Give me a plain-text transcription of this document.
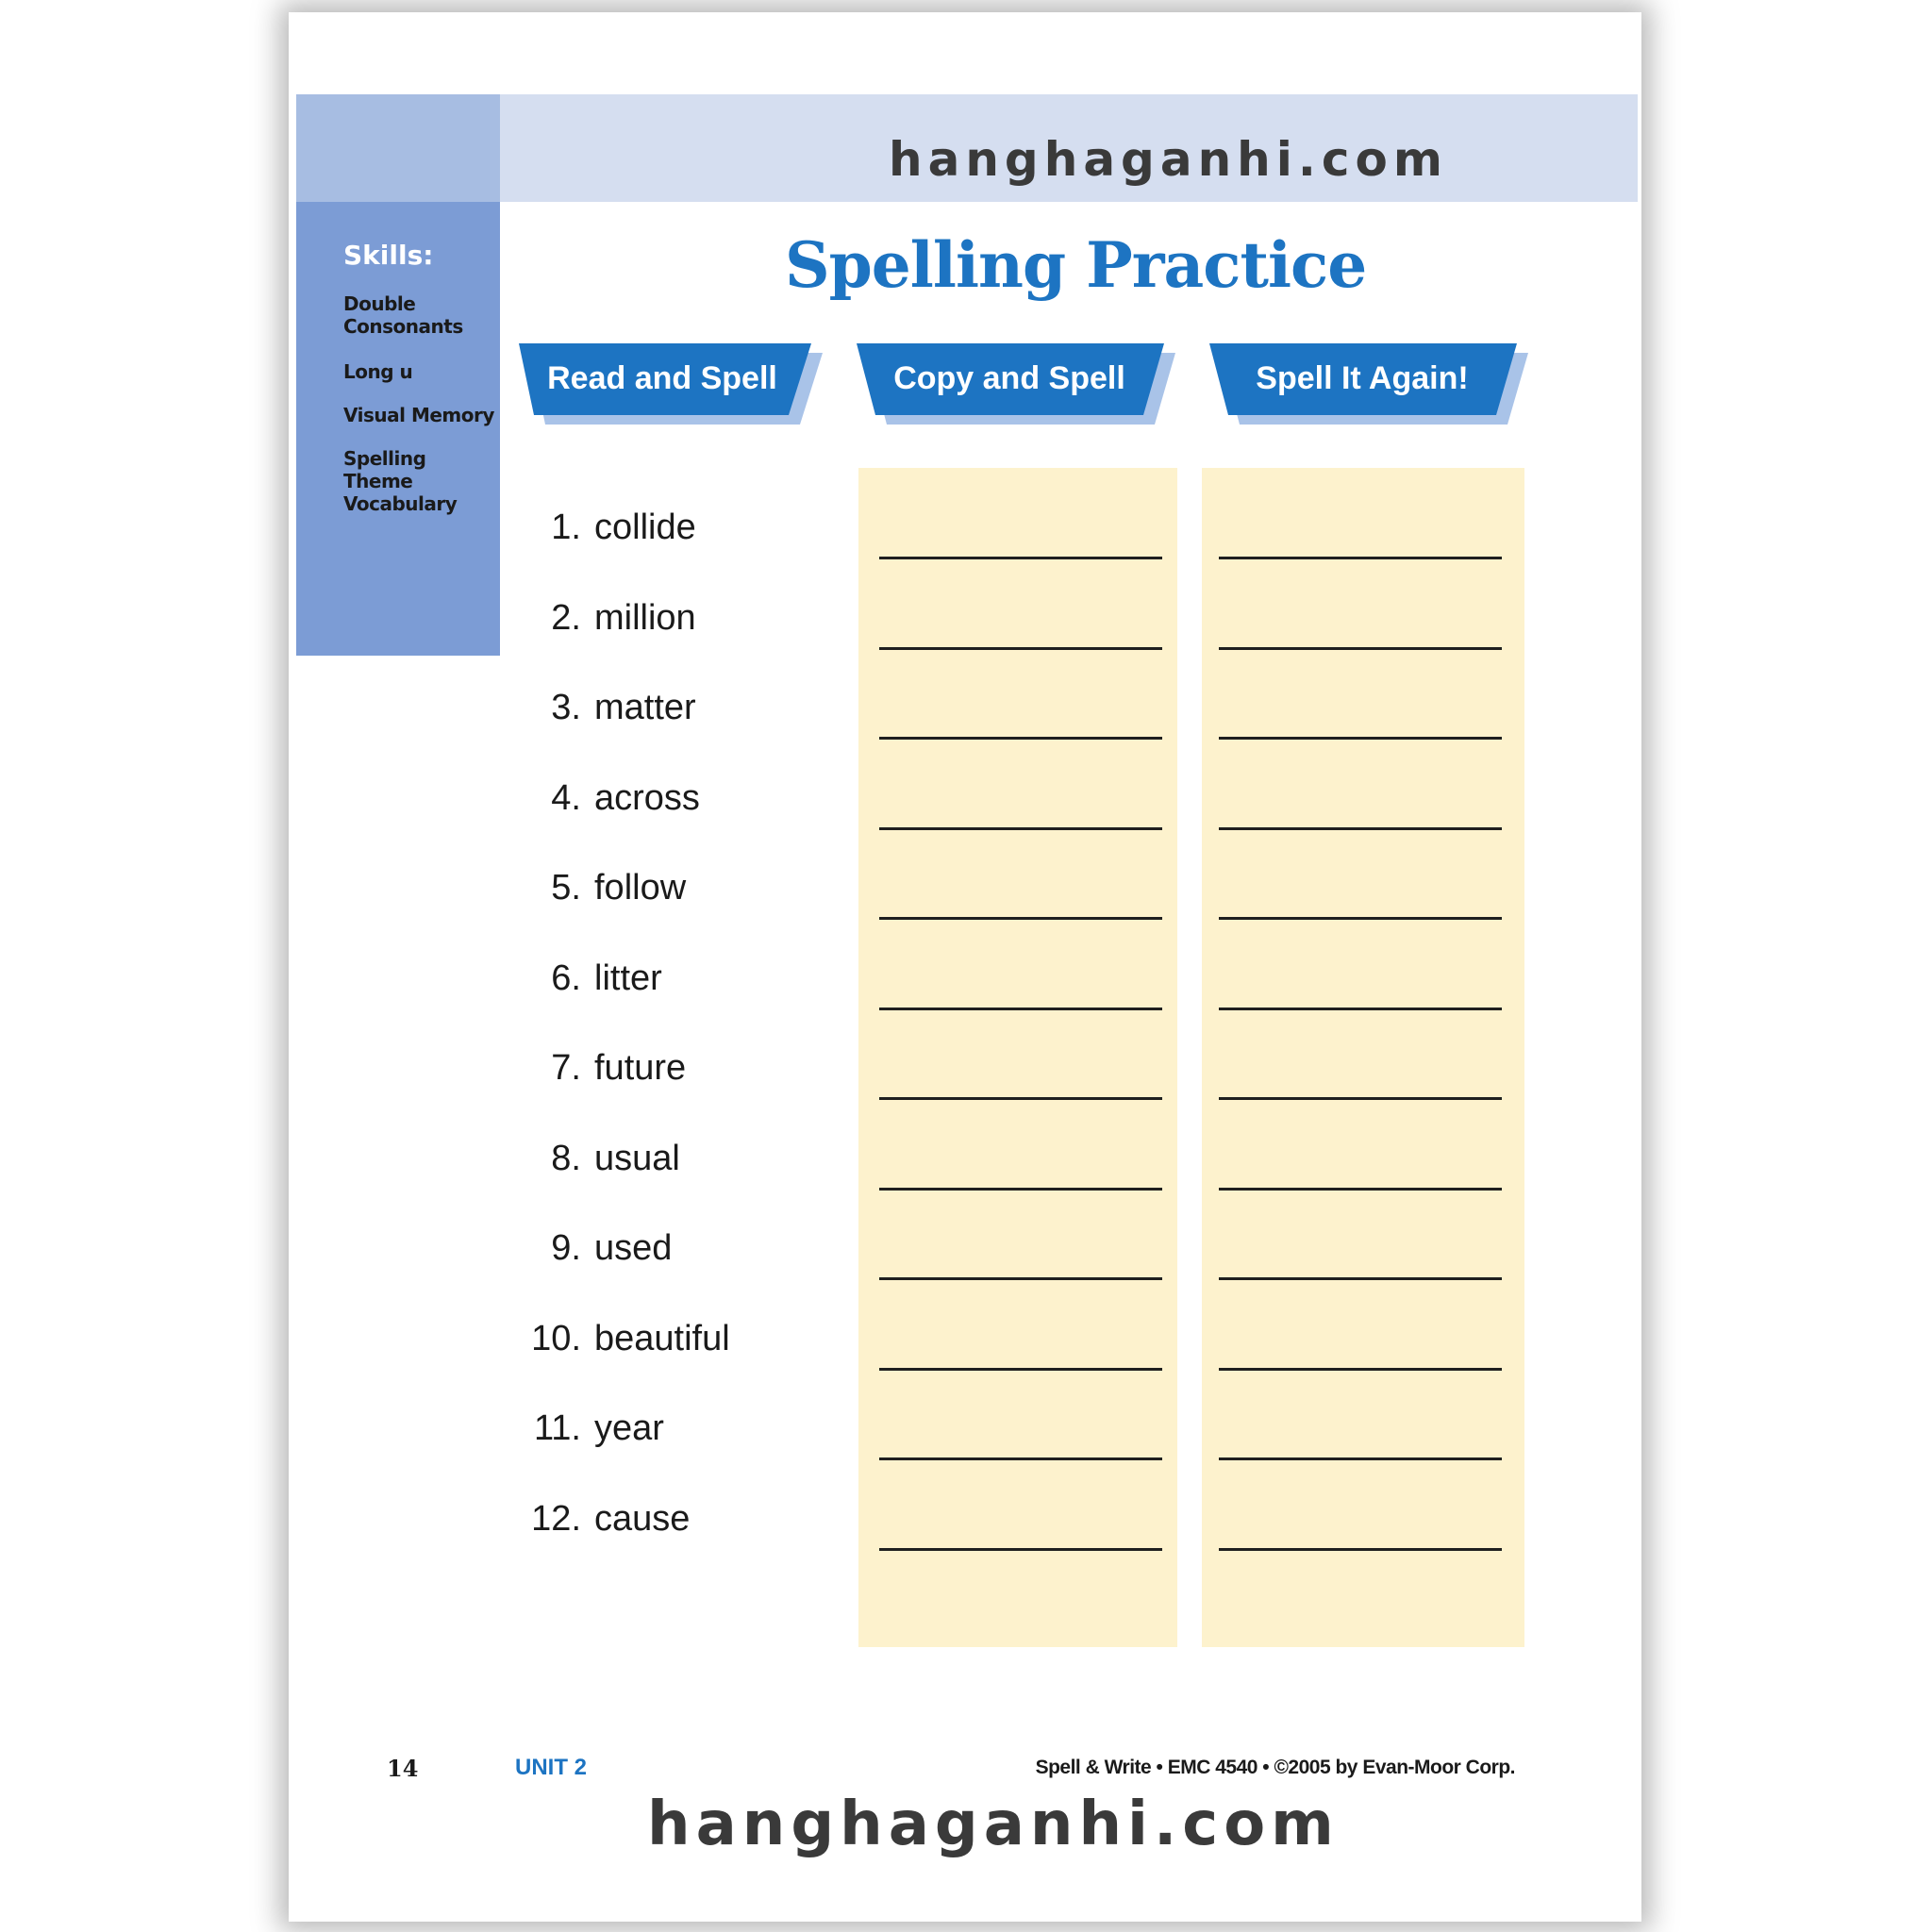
Skills:
Double Consonants
Long u
Visual Memory
Spelling Theme Vocabulary
hanghaganhi.com
Spelling Practice
Read and Spell	Copy and Spell	Spell It Again!
1. collide
2. million
3. matter
4. across
5. follow
6. litter
7. future
8. usual
9. used
10. beautiful
11. year
12. cause
14	UNIT 2	Spell & Write • EMC 4540 • ©2005 by Evan-Moor Corp.
hanghaganhi.com
